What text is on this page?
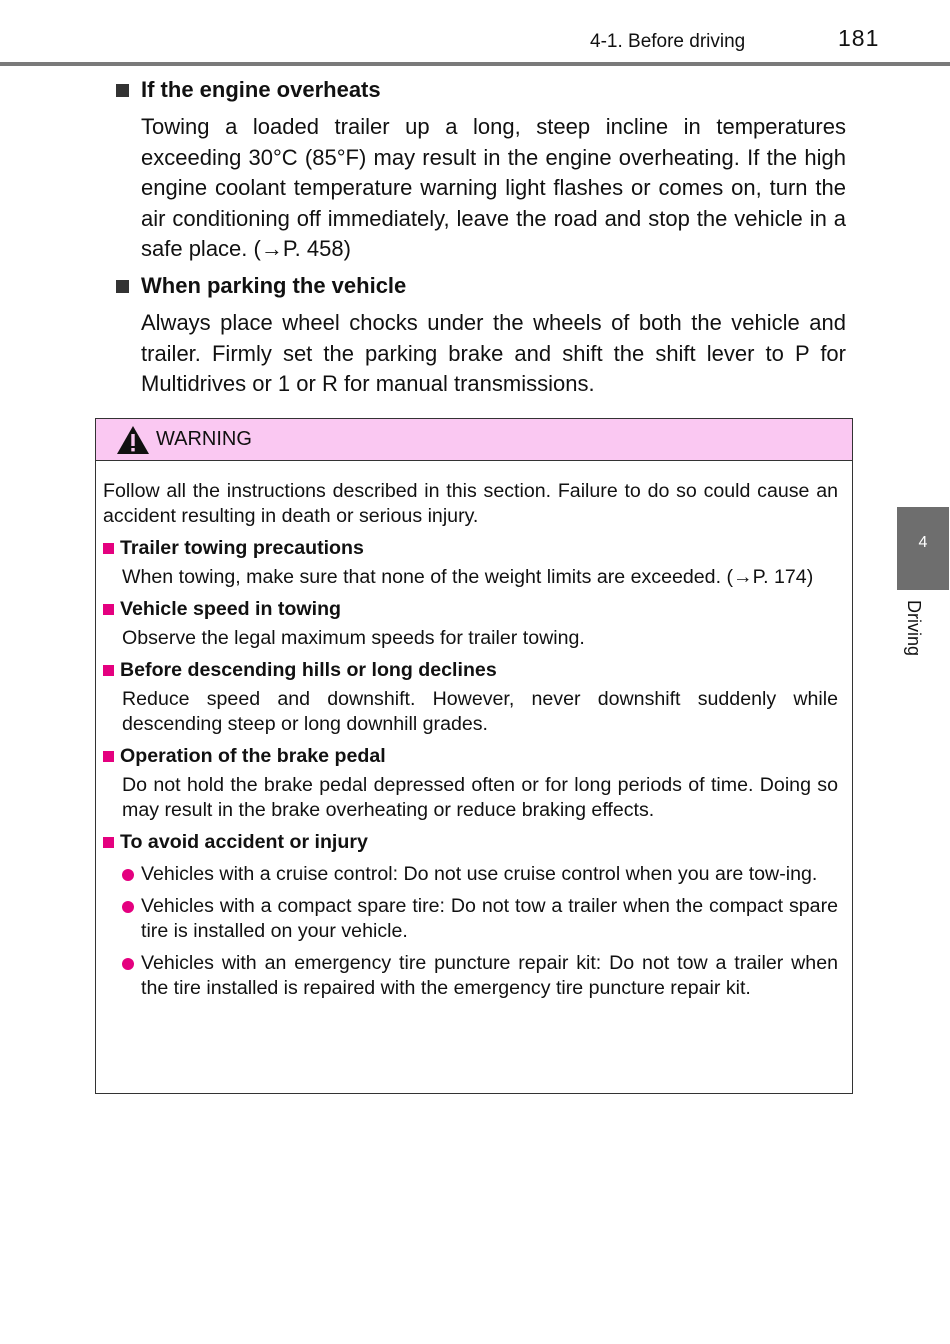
4-1. Before driving	181
If the engine overheats

Towing a loaded trailer up a long, steep incline in temperatures exceeding 30°C (85°F) may result in the engine overheating. If the high engine coolant temperature warning light flashes or comes on, turn the air conditioning off immediately, leave the road and stop the vehicle in a safe place. (→P. 458)

When parking the vehicle

Always place wheel chocks under the wheels of both the vehicle and trailer. Firmly set the parking brake and shift the shift lever to P for Multidrives or 1 or R for manual transmissions.

WARNING

Follow all the instructions described in this section. Failure to do so could cause an accident resulting in death or serious injury.

Trailer towing precautions

When towing, make sure that none of the weight limits are exceeded. (→P. 174)

Vehicle speed in towing

Observe the legal maximum speeds for trailer towing.

Before descending hills or long declines

Reduce speed and downshift. However, never downshift suddenly while descending steep or long downhill grades.

Operation of the brake pedal

Do not hold the brake pedal depressed often or for long periods of time. Doing so may result in the brake overheating or reduce braking effects.

To avoid accident or injury
Vehicles with a cruise control: Do not use cruise control when you are tow-ing.
Vehicles with a compact spare tire: Do not tow a trailer when the compact spare tire is installed on your vehicle.
Vehicles with an emergency tire puncture repair kit: Do not tow a trailer when the tire installed is repaired with the emergency tire puncture repair kit.
4
Driving
